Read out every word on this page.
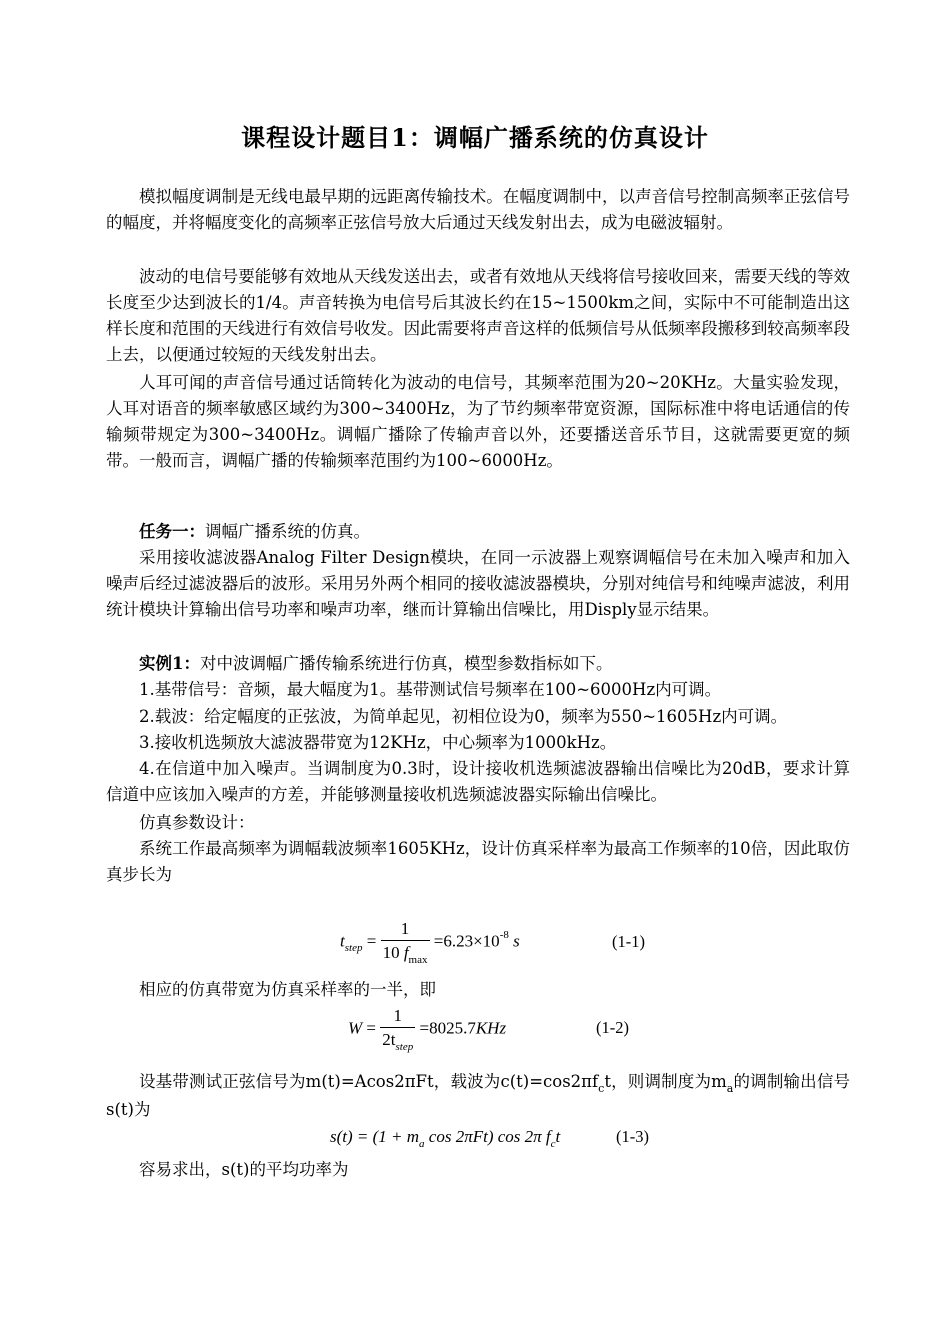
课程设计题目1：调幅广播系统的仿真设计
模拟幅度调制是无线电最早期的远距离传输技术。在幅度调制中，以声音信号控制高频率正弦信号的幅度，并将幅度变化的高频率正弦信号放大后通过天线发射出去，成为电磁波辐射。
波动的电信号要能够有效地从天线发送出去，或者有效地从天线将信号接收回来，需要天线的等效长度至少达到波长的1/4。声音转换为电信号后其波长约在15~1500km之间，实际中不可能制造出这样长度和范围的天线进行有效信号收发。因此需要将声音这样的低频信号从低频率段搬移到较高频率段上去，以便通过较短的天线发射出去。
人耳可闻的声音信号通过话筒转化为波动的电信号，其频率范围为20~20KHz。大量实验发现，人耳对语音的频率敏感区域约为300~3400Hz，为了节约频率带宽资源，国际标准中将电话通信的传输频带规定为300~3400Hz。调幅广播除了传输声音以外，还要播送音乐节目，这就需要更宽的频带。一般而言，调幅广播的传输频率范围约为100~6000Hz。
任务一：调幅广播系统的仿真。
采用接收滤波器Analog Filter Design模块，在同一示波器上观察调幅信号在未加入噪声和加入噪声后经过滤波器后的波形。采用另外两个相同的接收滤波器模块，分别对纯信号和纯噪声滤波，利用统计模块计算输出信号功率和噪声功率，继而计算输出信噪比，用Disply显示结果。
实例1：对中波调幅广播传输系统进行仿真，模型参数指标如下。
1.基带信号：音频，最大幅度为1。基带测试信号频率在100~6000Hz内可调。
2.载波：给定幅度的正弦波，为简单起见，初相位设为0，频率为550~1605Hz内可调。
3.接收机选频放大滤波器带宽为12KHz，中心频率为1000kHz。
4.在信道中加入噪声。当调制度为0.3时，设计接收机选频滤波器输出信噪比为20dB，要求计算信道中应该加入噪声的方差，并能够测量接收机选频滤波器实际输出信噪比。
仿真参数设计：
系统工作最高频率为调幅载波频率1605KHz，设计仿真采样率为最高工作频率的10倍，因此取仿真步长为
$t_{step} = \frac{1}{10 f_{max}} =6.23\times 10^{-8}$ s	(1-1)
相应的仿真带宽为仿真采样率的一半，即
$W = \frac{1}{2t_{step}} =8025.7KHz$	(1-2)
设基带测试正弦信号为m(t)=Acos2πFt，载波为$c(t)=\cos 2\pi f_ct$，则调制度为$m_a$的调制输出信号s(t)为
$s(t) = (1 + m_a$ cos 2πFt) cos 2π $f_ct$	(1-3)
容易求出，s(t)的平均功率为
